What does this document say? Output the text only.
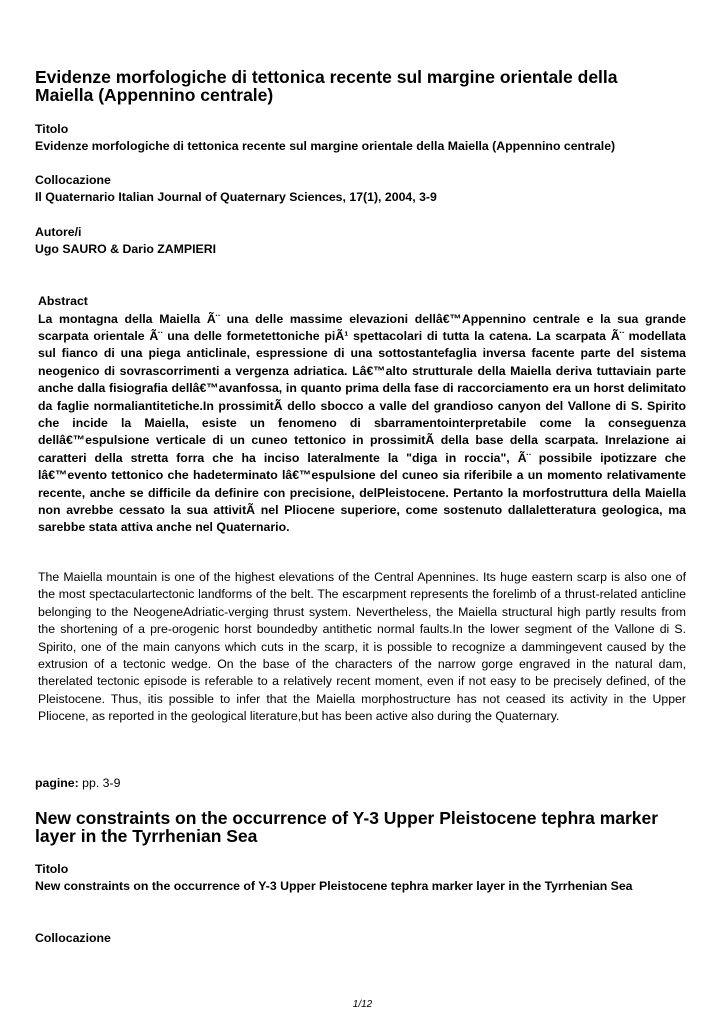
Evidenze morfologiche di tettonica recente sul margine orientale della Maiella (Appennino centrale)
Titolo
Evidenze morfologiche di tettonica recente sul margine orientale della Maiella (Appennino centrale)
Collocazione
Il Quaternario Italian Journal of Quaternary Sciences, 17(1), 2004, 3-9
Autore/i
Ugo SAURO & Dario ZAMPIERI
Abstract

La montagna della Maiella Ã¨ una delle massime elevazioni dellâ€™Appennino centrale e la sua grande scarpata orientale Ã¨ una delle formetettoniche piÃ¹ spettacolari di tutta la catena. La scarpata Ã¨ modellata sul fianco di una piega anticlinale, espressione di una sottostantefaglia inversa facente parte del sistema neogenico di sovrascorrimenti a vergenza adriatica. Lâ€™alto strutturale della Maiella deriva tuttaviain parte anche dalla fisiografia dellâ€™avanfossa, in quanto prima della fase di raccorciamento era un horst delimitato da faglie normaliantitetiche.In prossimitÃ dello sbocco a valle del grandioso canyon del Vallone di S. Spirito che incide la Maiella, esiste un fenomeno di sbarramentointerpretabile come la conseguenza dellâ€™espulsione verticale di un cuneo tettonico in prossimitÃ della base della scarpata. Inrelazione ai caratteri della stretta forra che ha inciso lateralmente la "diga in roccia", Ã¨ possibile ipotizzare che lâ€™evento tettonico che hadeterminato lâ€™espulsione del cuneo sia riferibile a un momento relativamente recente, anche se difficile da definire con precisione, delPleistocene. Pertanto la morfostruttura della Maiella non avrebbe cessato la sua attivitÃ nel Pliocene superiore, come sostenuto dallaletteratura geologica, ma sarebbe stata attiva anche nel Quaternario.

The Maiella mountain is one of the highest elevations of the Central Apennines. Its huge eastern scarp is also one of the most spectaculartectonic landforms of the belt. The escarpment represents the forelimb of a thrust-related anticline belonging to the NeogeneAdriatic-verging thrust system. Nevertheless, the Maiella structural high partly results from the shortening of a pre-orogenic horst boundedby antithetic normal faults.In the lower segment of the Vallone di S. Spirito, one of the main canyons which cuts in the scarp, it is possible to recognize a dammingevent caused by the extrusion of a tectonic wedge. On the base of the characters of the narrow gorge engraved in the natural dam, therelated tectonic episode is referable to a relatively recent moment, even if not easy to be precisely defined, of the Pleistocene. Thus, itis possible to infer that the Maiella morphostructure has not ceased its activity in the Upper Pliocene, as reported in the geological literature,but has been active also during the Quaternary.

pagine: pp. 3-9
New constraints on the occurrence of Y-3 Upper Pleistocene tephra marker layer in the Tyrrhenian Sea
Titolo
New constraints on the occurrence of Y-3 Upper Pleistocene tephra marker layer in the Tyrrhenian Sea
Collocazione
1/12
